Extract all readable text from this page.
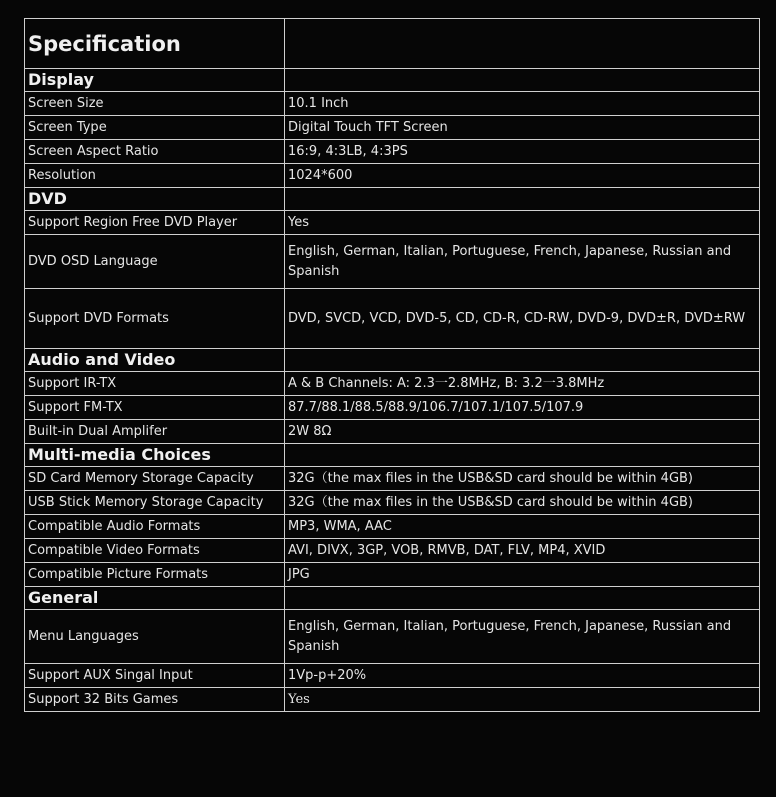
Specification	
Display	
Screen Size	10.1 Inch
Screen Type	Digital Touch TFT Screen
Screen Aspect Ratio	16:9, 4:3LB, 4:3PS
Resolution	1024*600
DVD	
Support Region Free DVD Player	Yes
DVD OSD Language	English, German, Italian, Portuguese, French, Japanese, Russian and Spanish
Support DVD Formats	DVD, SVCD, VCD, DVD-5, CD, CD-R, CD-RW, DVD-9, DVD±R, DVD±RW
Audio and Video	
Support IR-TX	A & B Channels: A: 2.3一2.8MHz, B: 3.2一3.8MHz
Support FM-TX	87.7/88.1/88.5/88.9/106.7/107.1/107.5/107.9
Built-in Dual Amplifer	2W 8Ω
Multi-media Choices	
SD Card Memory Storage Capacity	32G（the max files in the USB&SD card should be within 4GB)
USB Stick Memory Storage Capacity	32G（the max files in the USB&SD card should be within 4GB)
Compatible Audio Formats	MP3, WMA, AAC
Compatible Video Formats	AVI, DIVX, 3GP, VOB, RMVB, DAT, FLV, MP4, XVID
Compatible Picture Formats	JPG
General	
Menu Languages	English, German, Italian, Portuguese, French, Japanese, Russian and Spanish
Support AUX Singal Input	1Vp-p+20%
Support 32 Bits Games	Yes
